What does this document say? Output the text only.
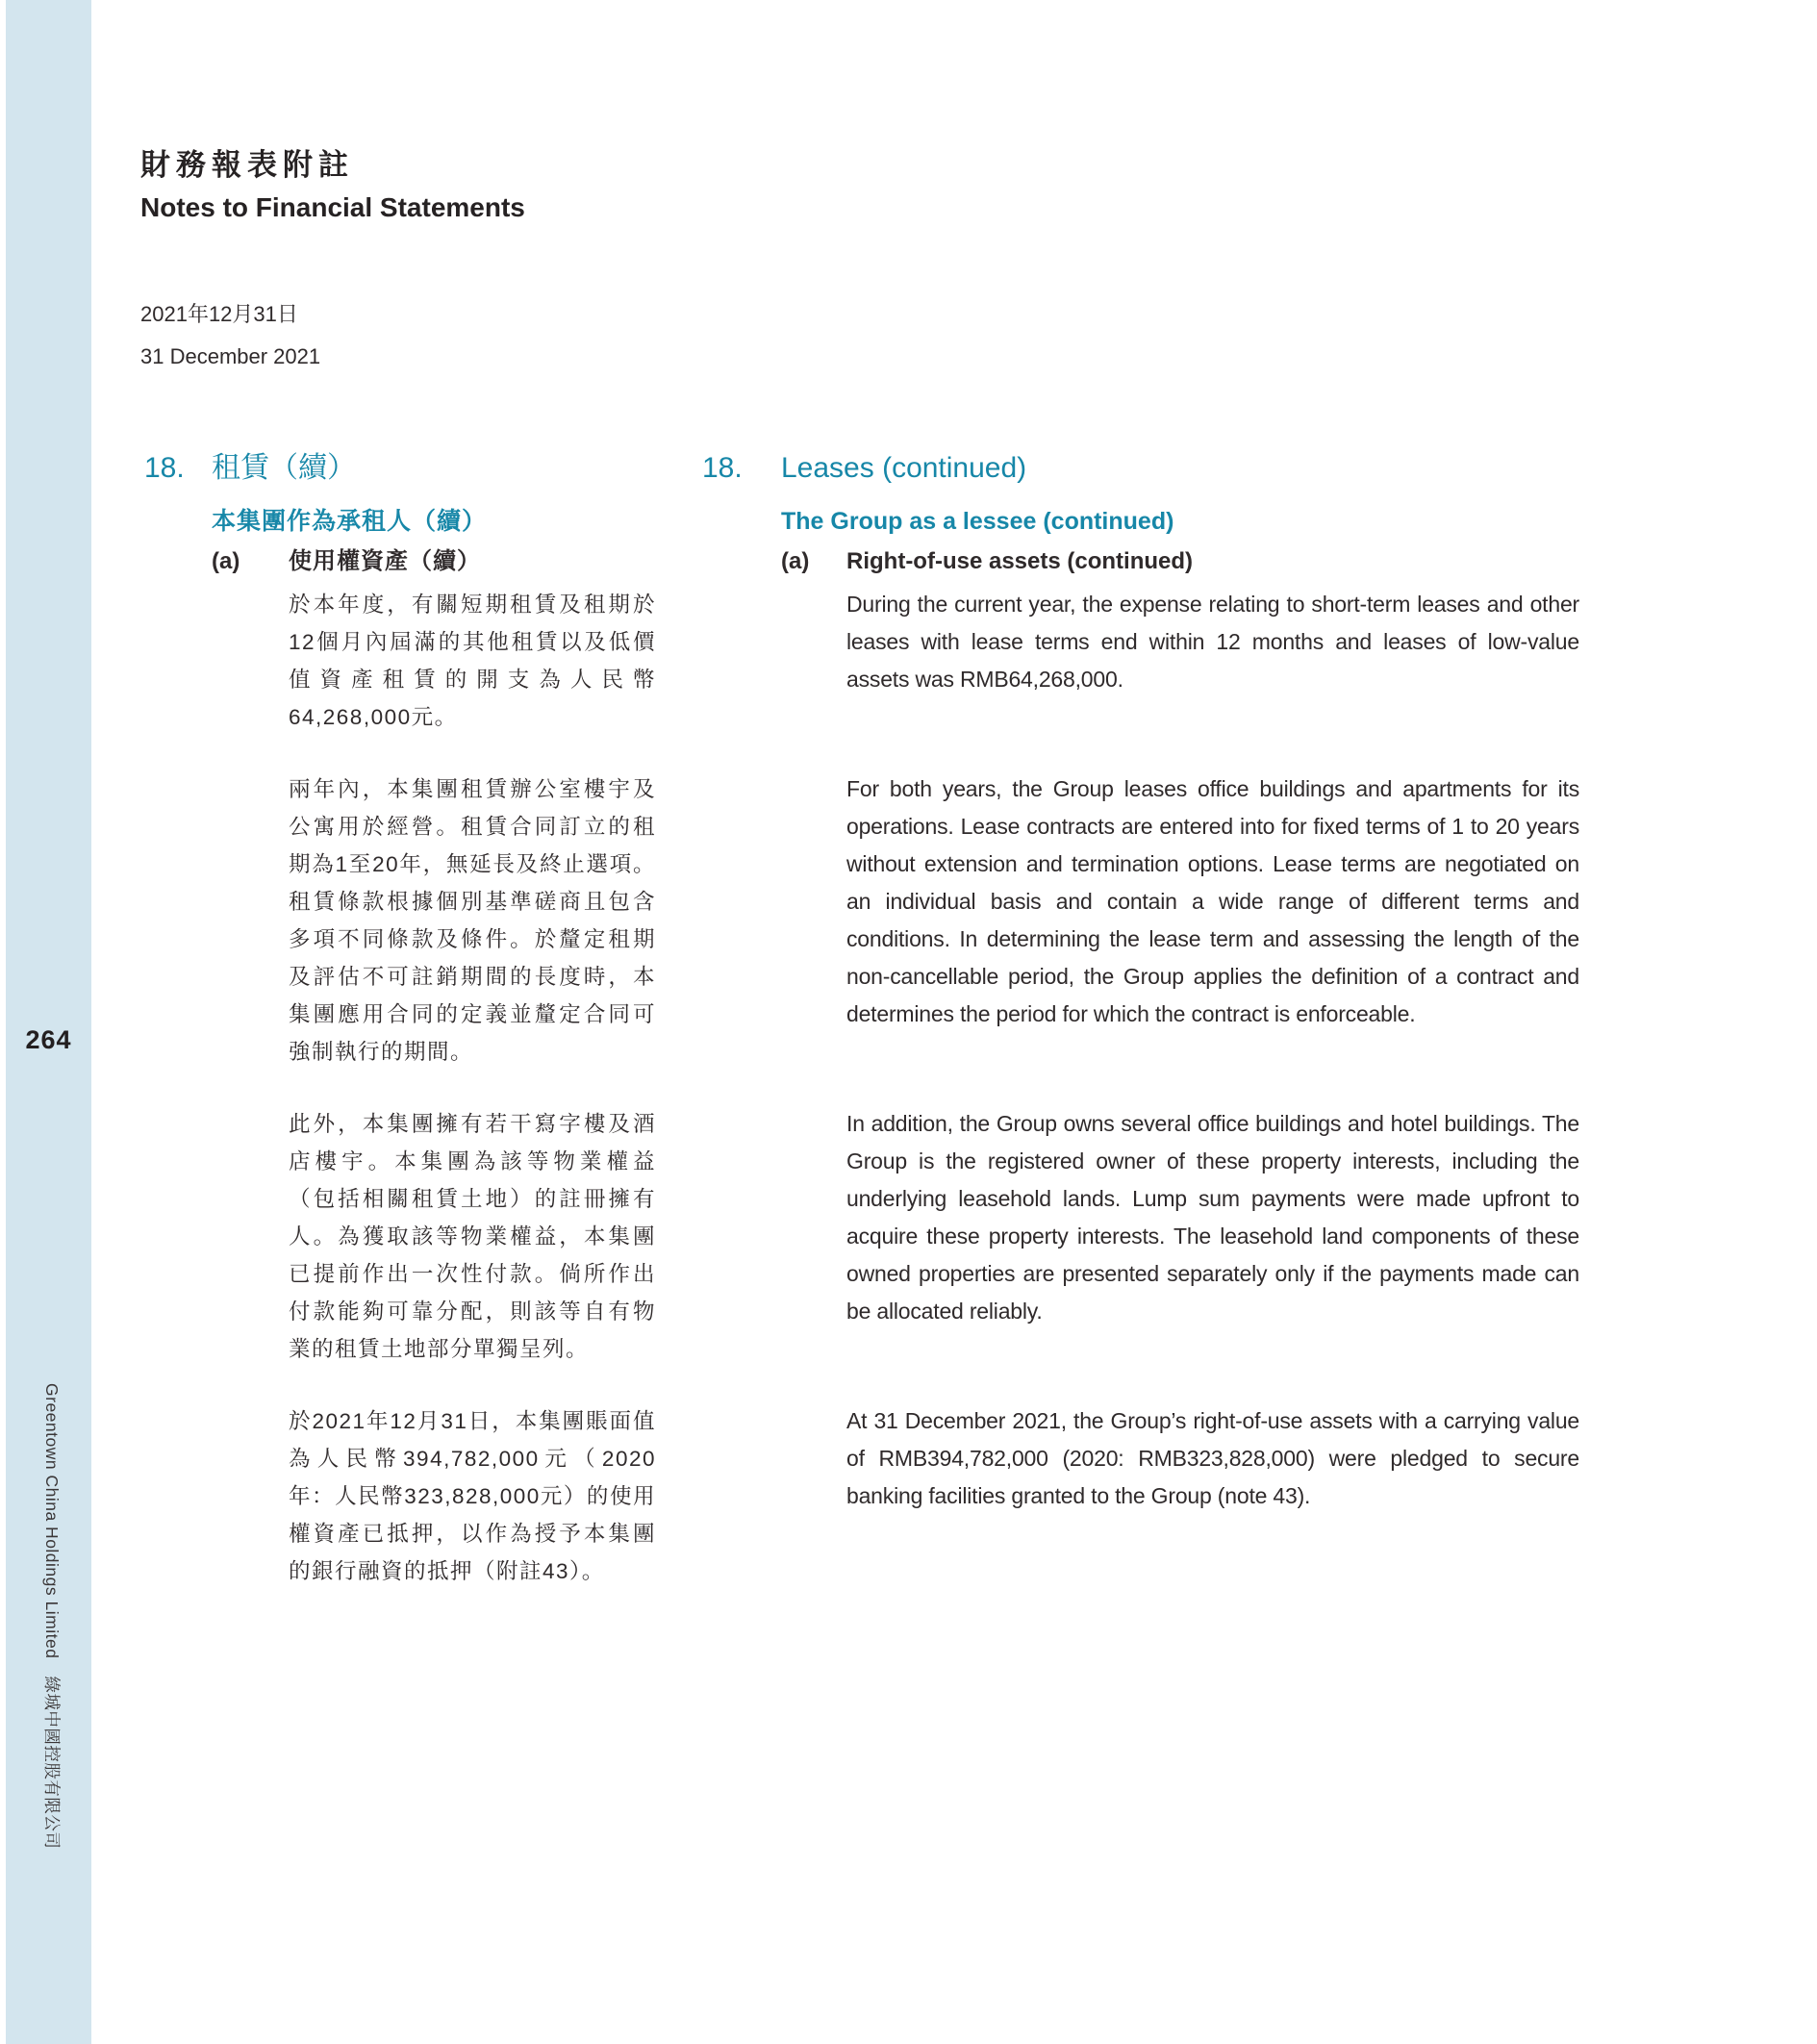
264
Greentown China Holdings Limited　綠城中國控股有限公司
財務報表附註
Notes to Financial Statements
2021年12月31日
31 December 2021
18. 租賃（續）
本集團作為承租人（續）
(a)	使用權資產（續）

於本年度，有關短期租賃及租期於12個月內屆滿的其他租賃以及低價值資產租賃的開支為人民幣64,268,000元。

兩年內，本集團租賃辦公室樓宇及公寓用於經營。租賃合同訂立的租期為1至20年，無延長及終止選項。租賃條款根據個別基準磋商且包含多項不同條款及條件。於釐定租期及評估不可註銷期間的長度時，本集團應用合同的定義並釐定合同可強制執行的期間。

此外，本集團擁有若干寫字樓及酒店樓宇。本集團為該等物業權益（包括相關租賃土地）的註冊擁有人。為獲取該等物業權益，本集團已提前作出一次性付款。倘所作出付款能夠可靠分配，則該等自有物業的租賃土地部分單獨呈列。

於2021年12月31日，本集團賬面值為人民幣394,782,000元（2020年：人民幣323,828,000元）的使用權資產已抵押，以作為授予本集團的銀行融資的抵押（附註43）。

18.	Leases (continued)
The Group as a lessee (continued)
(a)	Right-of-use assets (continued)

During the current year, the expense relating to short-term leases and other leases with lease terms end within 12 months and leases of low-value assets was RMB64,268,000.

For both years, the Group leases office buildings and apartments for its operations. Lease contracts are entered into for fixed terms of 1 to 20 years without extension and termination options. Lease terms are negotiated on an individual basis and contain a wide range of different terms and conditions. In determining the lease term and assessing the length of the non-cancellable period, the Group applies the definition of a contract and determines the period for which the contract is enforceable.

In addition, the Group owns several office buildings and hotel buildings. The Group is the registered owner of these property interests, including the underlying leasehold lands. Lump sum payments were made upfront to acquire these property interests. The leasehold land components of these owned properties are presented separately only if the payments made can be allocated reliably.

At 31 December 2021, the Group’s right-of-use assets with a carrying value of RMB394,782,000 (2020: RMB323,828,000) were pledged to secure banking facilities granted to the Group (note 43).
